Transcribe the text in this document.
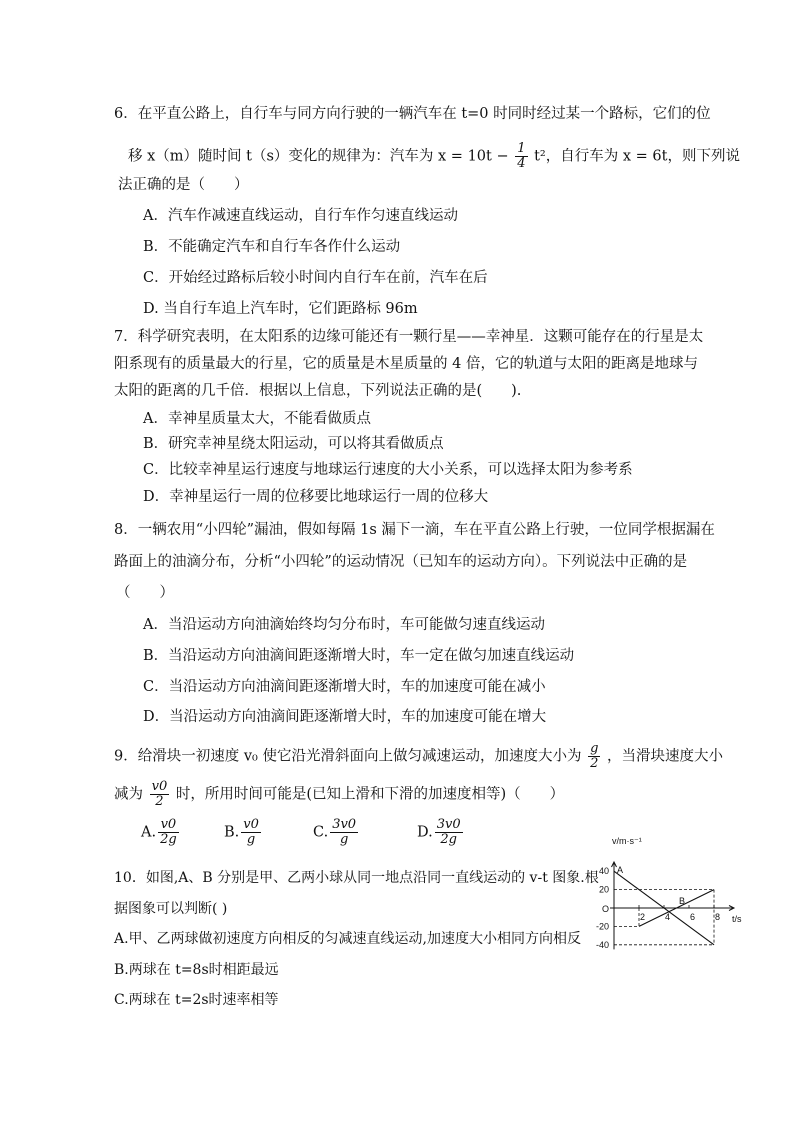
6．在平直公路上，自行车与同方向行驶的一辆汽车在 t=0 时同时经过某一个路标，它们的位
移 x（m）随时间 t（s）变化的规律为：汽车为 $x = 10t - \frac{1}{4} t^2$，自行车为 x = 6t，则下列说
法正确的是（　　）
A．汽车作减速直线运动，自行车作匀速直线运动
B．不能确定汽车和自行车各作什么运动
C．开始经过路标后较小时间内自行车在前，汽车在后
D. 当自行车追上汽车时，它们距路标 96m
7．科学研究表明，在太阳系的边缘可能还有一颗行星——幸神星．这颗可能存在的行星是太
阳系现有的质量最大的行星，它的质量是木星质量的 4 倍，它的轨道与太阳的距离是地球与
太阳的距离的几千倍．根据以上信息，下列说法正确的是(　　).
A．幸神星质量太大，不能看做质点
B．研究幸神星绕太阳运动，可以将其看做质点
C．比较幸神星运行速度与地球运行速度的大小关系，可以选择太阳为参考系
D．幸神星运行一周的位移要比地球运行一周的位移大
8．一辆农用“小四轮”漏油，假如每隔 1s 漏下一滴，车在平直公路上行驶，一位同学根据漏在
路面上的油滴分布，分析“小四轮”的运动情况（已知车的运动方向）。下列说法中正确的是
（　　）
A．当沿运动方向油滴始终均匀分布时，车可能做匀速直线运动
B．当沿运动方向油滴间距逐渐增大时，车一定在做匀加速直线运动
C．当沿运动方向油滴间距逐渐增大时，车的加速度可能在减小
D．当沿运动方向油滴间距逐渐增大时，车的加速度可能在增大
9．给滑块一初速度 v₀ 使它沿光滑斜面向上做匀减速运动，加速度大小为 $\frac{g}{2}$ ，当滑块速度大小
减为 $\frac{v0}{2}$ 时，所用时间可能是(已知上滑和下滑的加速度相等)（　　）
A. $\frac{v0}{2g}$	B. $\frac{v0}{g}$	C. $\frac{3v0}{g}$	D. $\frac{3v0}{2g}$
10．如图,A、B 分别是甲、乙两小球从同一地点沿同一直线运动的 v-t 图象.根
据图象可以判断( )
A.甲、乙两球做初速度方向相反的匀减速直线运动,加速度大小相同方向相反
B.两球在 t=8s时相距最远
C.两球在 t=2s时速率相等
v/m·s⁻¹
t/s
O
40
20
-20
-40
2 4 6 8
A
B
